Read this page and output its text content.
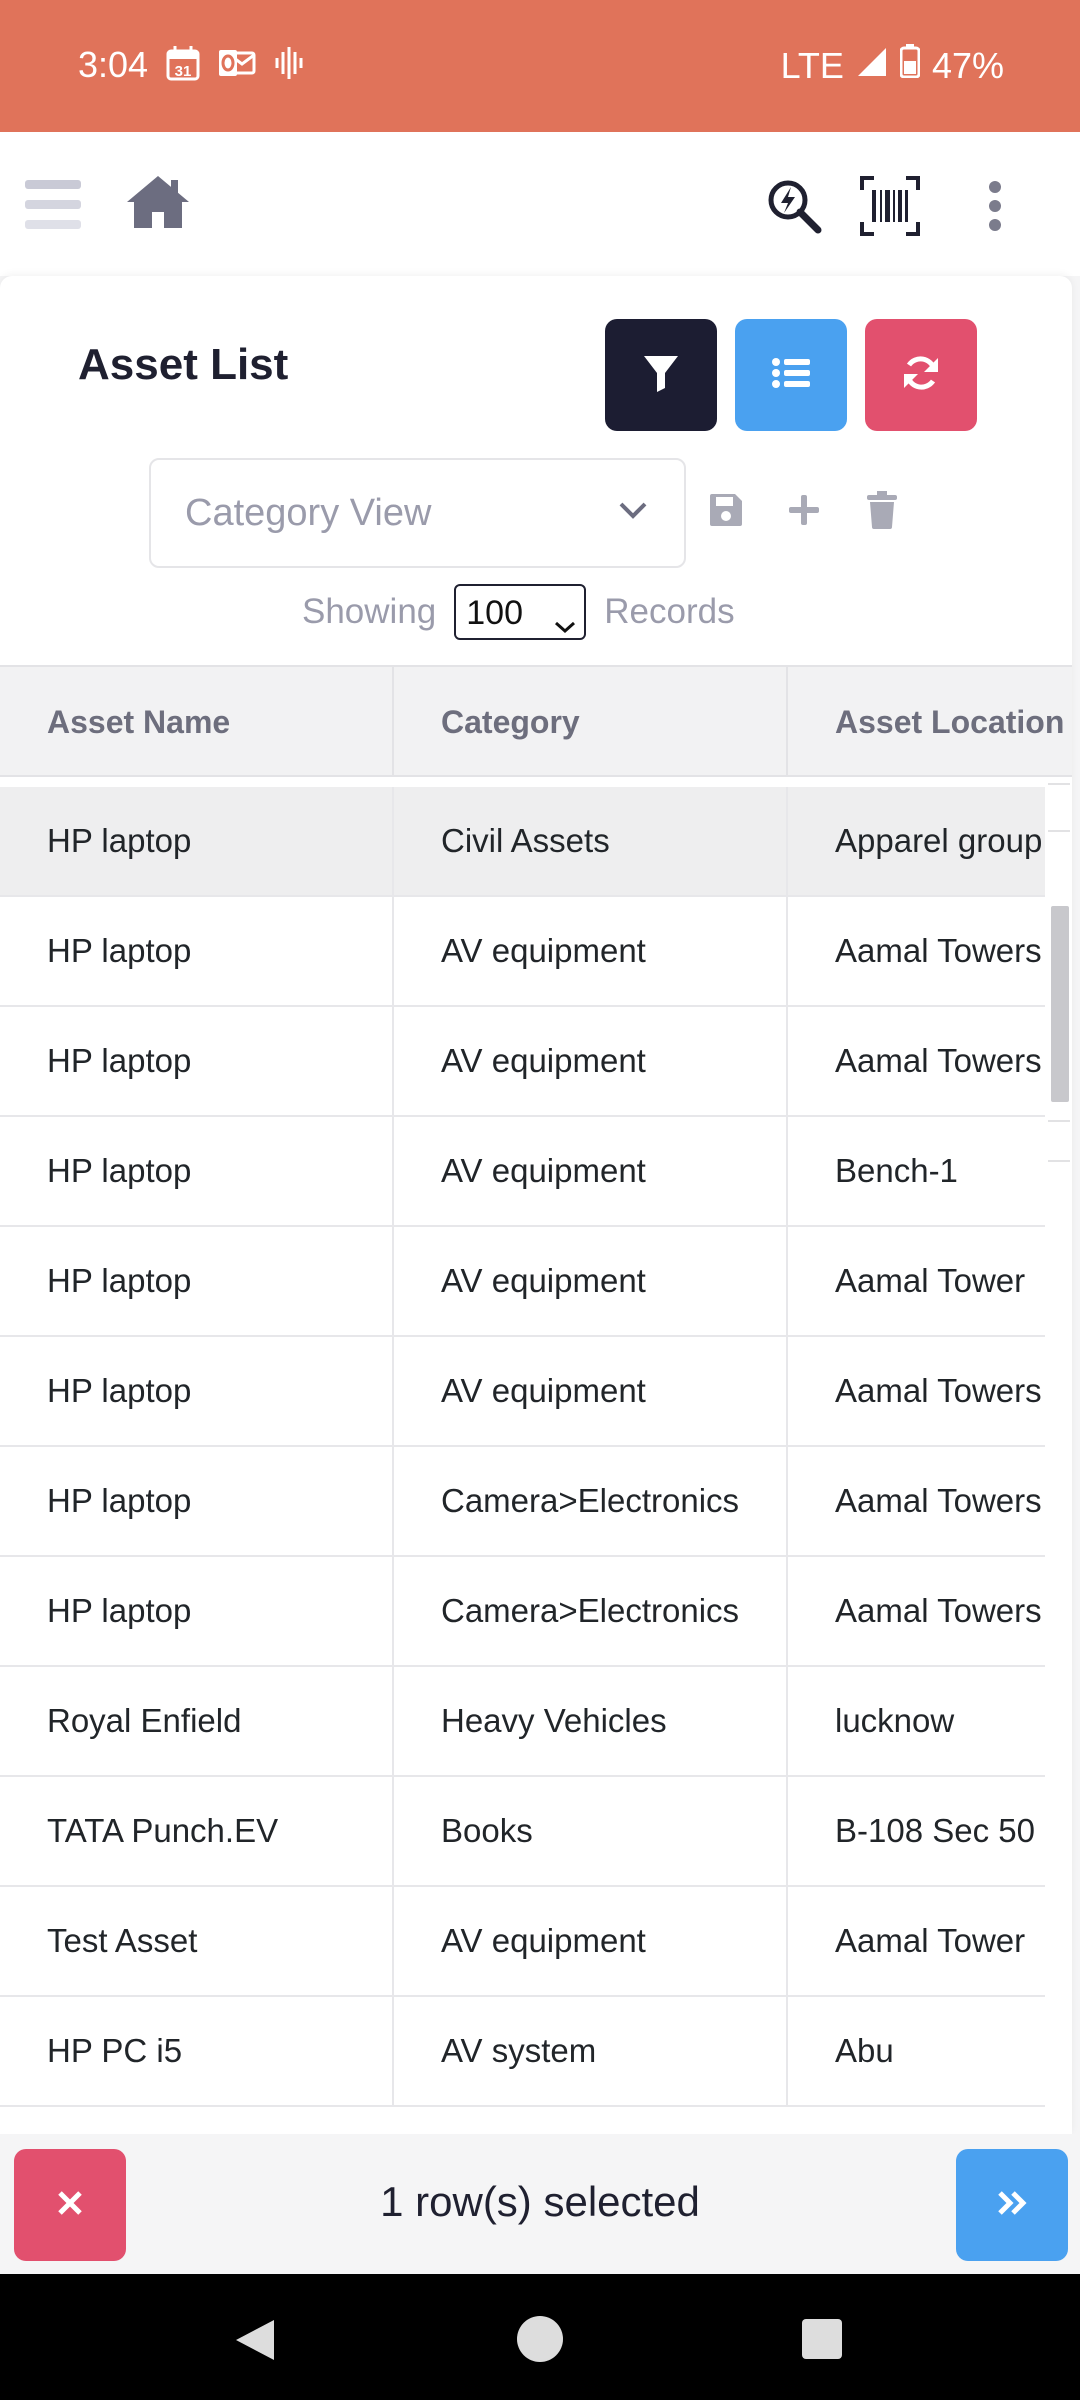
3:04 31	LTE 47%
Asset List
Category View
Showing 100	Records
Asset Name	Category	Asset Location
HP laptop	Civil Assets	Apparel group
HP laptop	AV equipment	Aamal Towers
HP laptop	AV equipment	Aamal Towers
HP laptop	AV equipment	Bench-1
HP laptop	AV equipment	Aamal Tower
HP laptop	AV equipment	Aamal Towers
HP laptop	Camera>Electronics	Aamal Towers
HP laptop	Camera>Electronics	Aamal Towers
Royal Enfield	Heavy Vehicles	lucknow
TATA Punch.EV	Books	B-108 Sec 50
Test Asset	AV equipment	Aamal Tower
HP PC i5	AV system	Abu
1 row(s) selected
